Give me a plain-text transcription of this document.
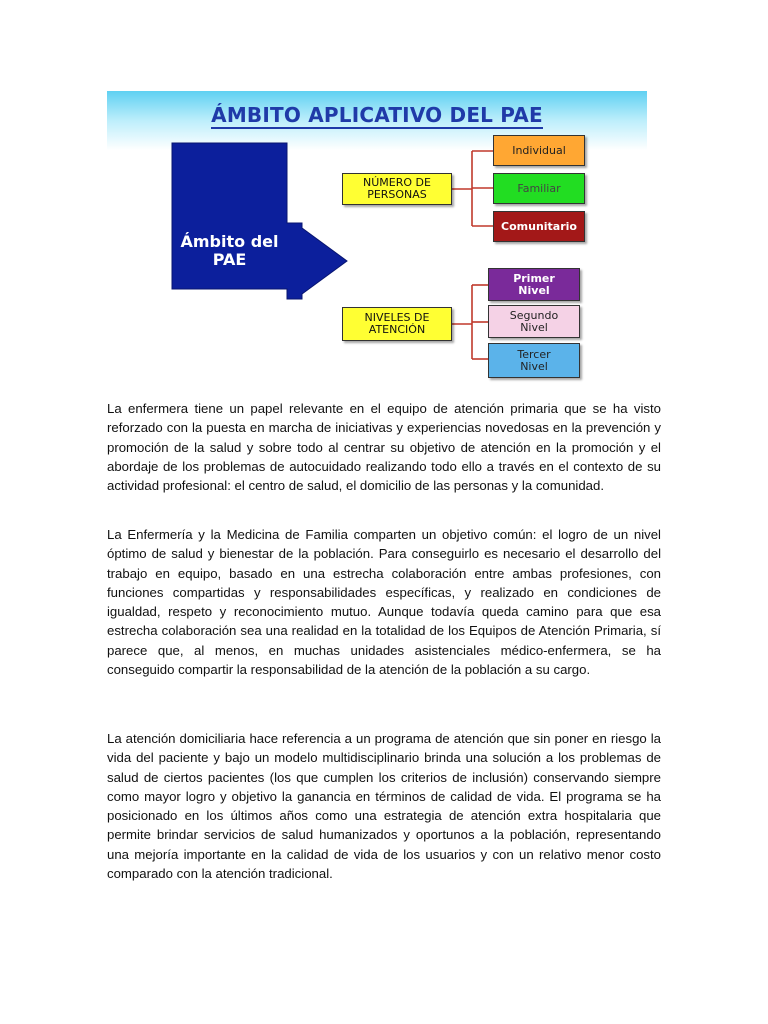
ÁMBITO APLICATIVO DEL PAE
Ámbito del PAE
NÚMERO DE PERSONAS
NIVELES DE ATENCIÓN
Individual
Familiar
Comunitario
Primer Nivel
Segundo Nivel
Tercer Nivel

La enfermera tiene un papel relevante en el equipo de atención primaria que se ha visto reforzado con la puesta en marcha de iniciativas y experiencias novedosas en la prevención y promoción de la salud y sobre todo al centrar su objetivo de atención en la promoción y el abordaje de los problemas de autocuidado realizando todo ello a través en el contexto de su actividad profesional: el centro de salud, el domicilio de las personas y la comunidad.

La Enfermería y la Medicina de Familia comparten un objetivo común: el logro de un nivel óptimo de salud y bienestar de la población. Para conseguirlo es necesario el desarrollo del trabajo en equipo, basado en una estrecha colaboración entre ambas profesiones, con funciones compartidas y responsabilidades específicas, y realizado en condiciones de igualdad, respeto y reconocimiento mutuo. Aunque todavía queda camino para que esa estrecha colaboración sea una realidad en la totalidad de los Equipos de Atención Primaria, sí parece que, al menos, en muchas unidades asistenciales médico-enfermera, se ha conseguido compartir la responsabilidad de la atención de la población a su cargo.

La atención domiciliaria hace referencia a un programa de atención que sin poner en riesgo la vida del paciente y bajo un modelo multidisciplinario brinda una solución a los problemas de salud de ciertos pacientes (los que cumplen los criterios de inclusión) conservando siempre como mayor logro y objetivo la ganancia en términos de calidad de vida. El programa se ha posicionado en los últimos años como una estrategia de atención extra hospitalaria que permite brindar servicios de salud humanizados y oportunos a la población, representando una mejoría importante en la calidad de vida de los usuarios y con un relativo menor costo comparado con la atención tradicional.
